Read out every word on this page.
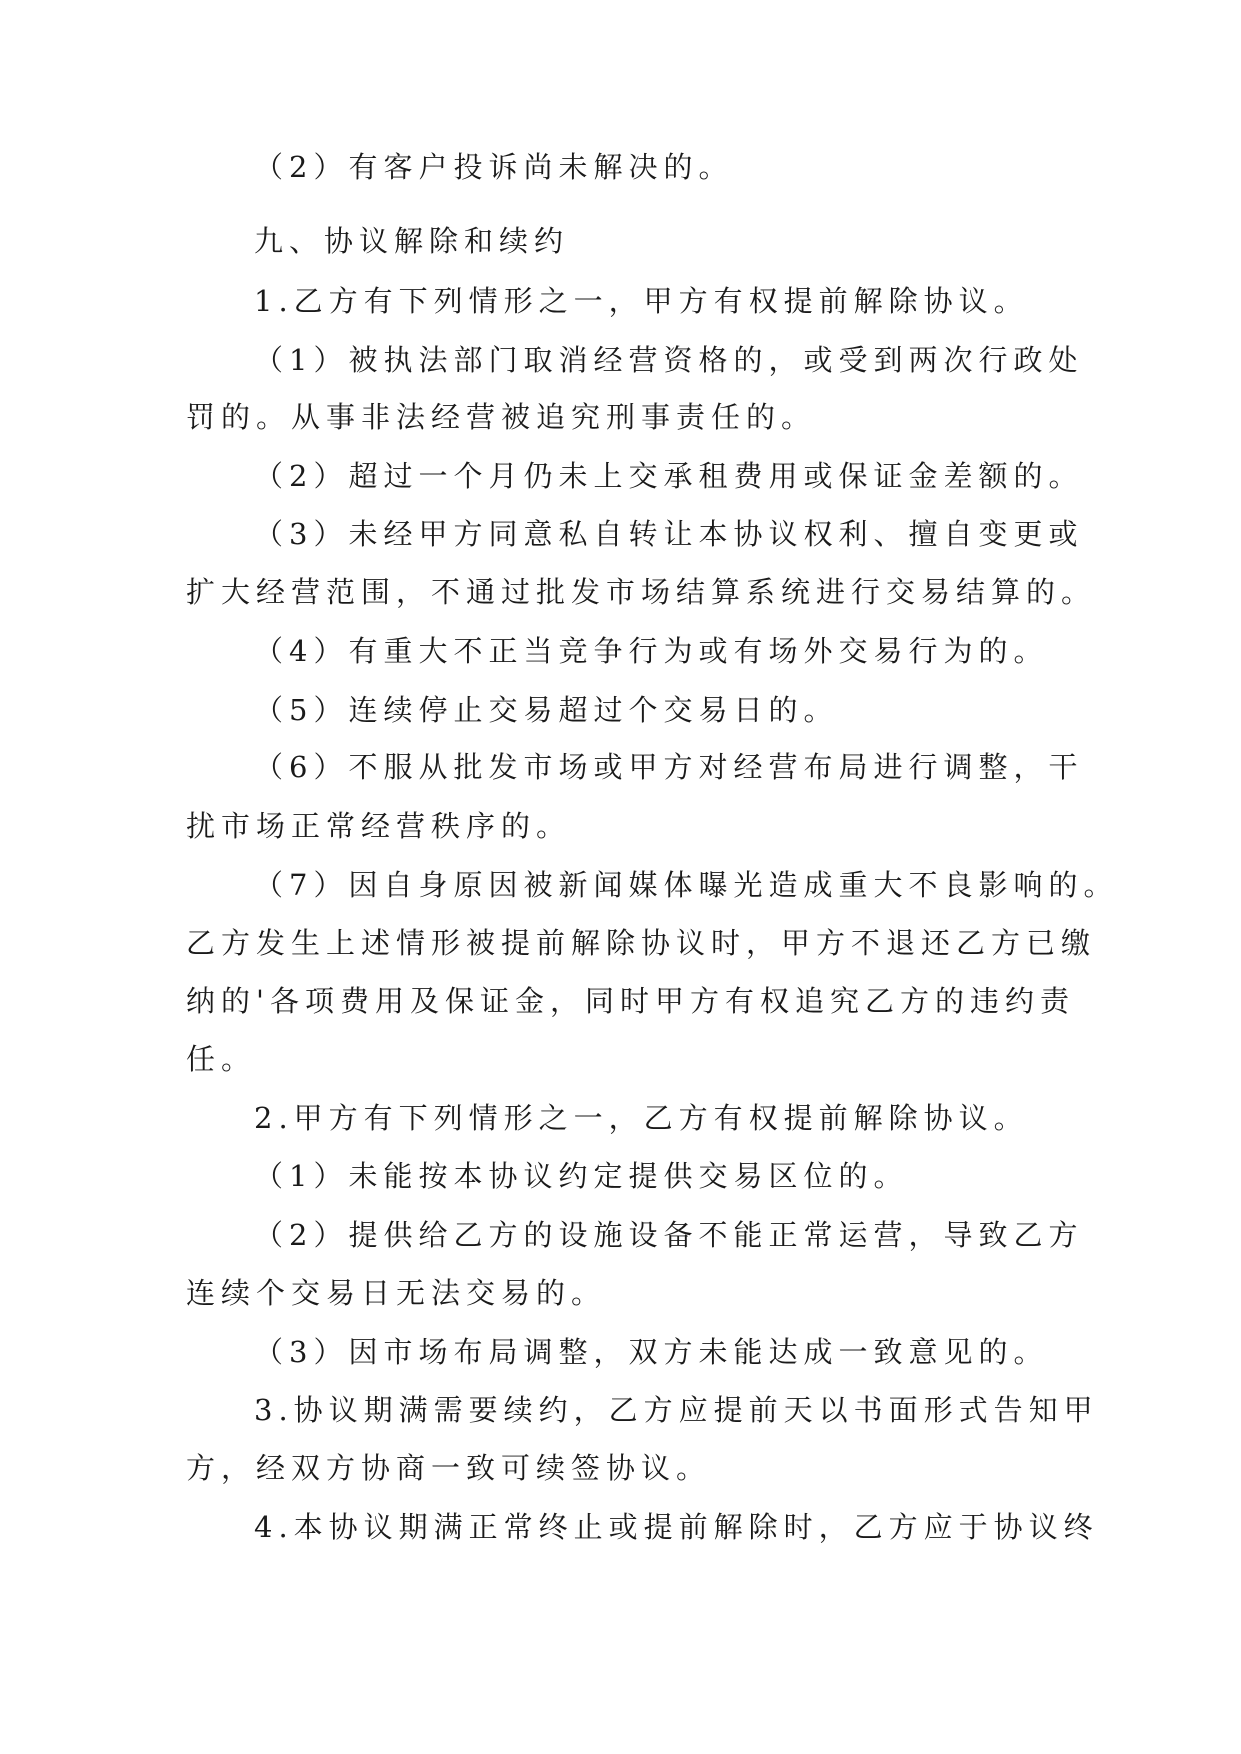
（2）有客户投诉尚未解决的。
九、协议解除和续约
1.乙方有下列情形之一，甲方有权提前解除协议。
（1）被执法部门取消经营资格的，或受到两次行政处
罚的。从事非法经营被追究刑事责任的。
（2）超过一个月仍未上交承租费用或保证金差额的。
（3）未经甲方同意私自转让本协议权利、擅自变更或
扩大经营范围，不通过批发市场结算系统进行交易结算的。
（4）有重大不正当竞争行为或有场外交易行为的。
（5）连续停止交易超过个交易日的。
（6）不服从批发市场或甲方对经营布局进行调整，干
扰市场正常经营秩序的。
（7）因自身原因被新闻媒体曝光造成重大不良影响的。
乙方发生上述情形被提前解除协议时，甲方不退还乙方已缴
纳的'各项费用及保证金，同时甲方有权追究乙方的违约责
任。
2.甲方有下列情形之一，乙方有权提前解除协议。
（1）未能按本协议约定提供交易区位的。
（2）提供给乙方的设施设备不能正常运营，导致乙方
连续个交易日无法交易的。
（3）因市场布局调整，双方未能达成一致意见的。
3.协议期满需要续约，乙方应提前天以书面形式告知甲
方，经双方协商一致可续签协议。
4.本协议期满正常终止或提前解除时，乙方应于协议终
